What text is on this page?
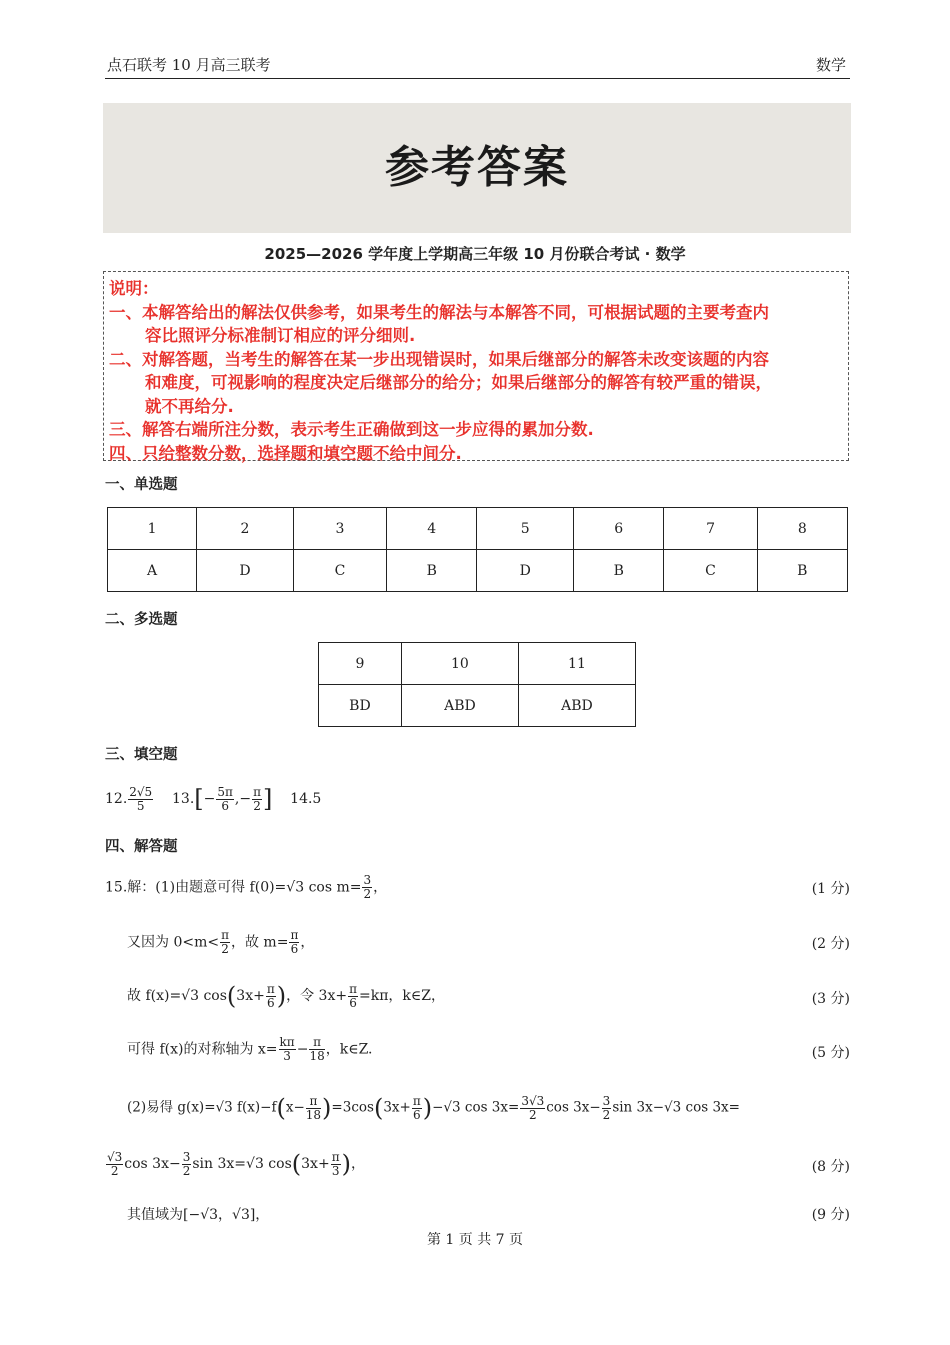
点石联考 10 月高三联考	数学
参考答案
2025—2026 学年度上学期高三年级 10 月份联合考试 · 数学
说明：
一、本解答给出的解法仅供参考，如果考生的解法与本解答不同，可根据试题的主要考查内
容比照评分标准制订相应的评分细则.
二、对解答题，当考生的解答在某一步出现错误时，如果后继部分的解答未改变该题的内容
和难度，可视影响的程度决定后继部分的给分；如果后继部分的解答有较严重的错误，
就不再给分.
三、解答右端所注分数，表示考生正确做到这一步应得的累加分数.
四、只给整数分数，选择题和填空题不给中间分.
一、单选题
1	2	3	4	5	6	7	8
A	D	C	B	D	B	C	B
二、多选题
9	10	11
BD	ABD	ABD
三、填空题
12. $\frac{2√5}{5} 13.[- \frac{5\pi}{6}$ ,− $\frac{\pi}{2}$ ] 14.5
四、解答题
15.解：(1)由题意可得 f(0)=√3 $\cos m= \frac{3}{2}$ ，	(1 分)
又因为 $0<m< \frac{\pi}{2}$ ，故 $m= \frac{\pi}{6}$ ，	(2 分)
故 f(x)=√3 $\cos(3x+ \frac{\pi}{6}$ )，令 $3x+ \frac{\pi}{6} =k\pi$，k∈Z，	(3 分)
可得 f(x)的对称轴为 $x= \frac{k\pi}{3} - \frac{\pi}{18}$ ，k∈Z.	(5 分)
(2)易得 g(x)=√3 $f(x)-f(x- \frac{\pi}{18} )=3\cos(3x+ \frac{\pi}{6} )-√3$ $\cos 3x= \frac{3√3}{2}$ $\cos 3x- \frac{3}{2}$ sin 3x−√3 cos 3x=
$\frac{√3}{2}$ $\cos 3x- \frac{3}{2}$ sin 3x=√3 $\cos(3x+ \frac{\pi}{3}$ )，	(8 分)
其值域为[−√3，√3]，	(9 分)
第 1 页 共 7 页
